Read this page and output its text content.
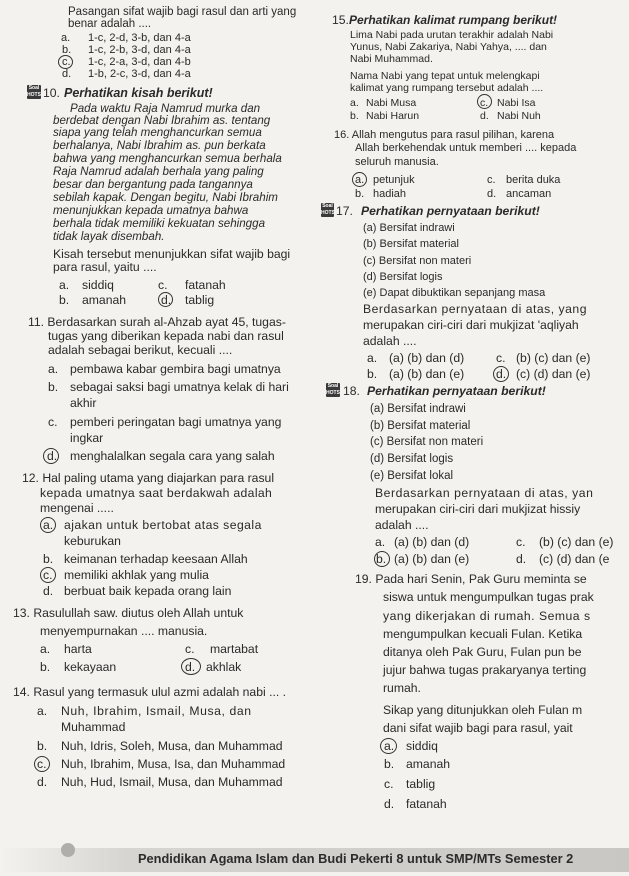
Pasangan sifat wajib bagi rasul dan arti yang
benar adalah ....
a. 1-c, 2-d, 3-b, dan 4-a
b. 1-c, 2-b, 3-d, dan 4-a
c. 1-c, 2-a, 3-d, dan 4-b
d. 1-b, 2-c, 3-d, dan 4-a
Soal HOTS 10. Perhatikan kisah berikut!
Pada waktu Raja Namrud murka dan
berdebat dengan Nabi Ibrahim as. tentang
siapa yang telah menghancurkan semua
berhalanya, Nabi Ibrahim as. pun berkata
bahwa yang menghancurkan semua berhala
Raja Namrud adalah berhala yang paling
besar dan bergantung pada tangannya
sebilah kapak. Dengan begitu, Nabi Ibrahim
menunjukkan kepada umatnya bahwa
berhala tidak memiliki kekuatan sehingga
tidak layak disembah.
Kisah tersebut menunjukkan sifat wajib bagi
para rasul, yaitu ....
a. siddiq	c. fatanah
b. amanah	d. tablig
11. Berdasarkan surah al-Ahzab ayat 45, tugas-
tugas yang diberikan kepada nabi dan rasul
adalah sebagai berikut, kecuali ....
a. pembawa kabar gembira bagi umatnya
b. sebagai saksi bagi umatnya kelak di hari
akhir
c. pemberi peringatan bagi umatnya yang
ingkar
d. menghalalkan segala cara yang salah
12. Hal paling utama yang diajarkan para rasul
kepada umatnya saat berdakwah adalah
mengenai .....
a. ajakan untuk bertobat atas segala
keburukan
b. keimanan terhadap keesaan Allah
c. memiliki akhlak yang mulia
d. berbuat baik kepada orang lain
13. Rasulullah saw. diutus oleh Allah untuk
menyempurnakan .... manusia.
a. harta	c. martabat
b. kekayaan	d. akhlak
14. Rasul yang termasuk ulul azmi adalah nabi ... .
a. Nuh, Ibrahim, Ismail, Musa, dan
Muhammad
b. Nuh, Idris, Soleh, Musa, dan Muhammad
c. Nuh, Ibrahim, Musa, Isa, dan Muhammad
d. Nuh, Hud, Ismail, Musa, dan Muhammad
15. Perhatikan kalimat rumpang berikut!
Lima Nabi pada urutan terakhir adalah Nabi
Yunus, Nabi Zakariya, Nabi Yahya, .... dan
Nabi Muhammad.
Nama Nabi yang tepat untuk melengkapi
kalimat yang rumpang tersebut adalah ....
a. Nabi Musa	c. Nabi Isa
b. Nabi Harun	d. Nabi Nuh
16. Allah mengutus para rasul pilihan, karena
Allah berkehendak untuk memberi .... kepada
seluruh manusia.
a. petunjuk	c. berita duka
b. hadiah	d. ancaman
Soal HOTS 17. Perhatikan pernyataan berikut!
(a) Bersifat indrawi
(b) Bersifat material
(c) Bersifat non materi
(d) Bersifat logis
(e) Dapat dibuktikan sepanjang masa
Berdasarkan pernyataan di atas, yang
merupakan ciri-ciri dari mukjizat 'aqliyah
adalah ....
a. (a) (b) dan (d)	c. (b) (c) dan (e)
b. (a) (b) dan (e)	d. (c) (d) dan (e)
Soal HOTS 18. Perhatikan pernyataan berikut!
(a) Bersifat indrawi
(b) Bersifat material
(c) Bersifat non materi
(d) Bersifat logis
(e) Bersifat lokal
Berdasarkan pernyataan di atas, yan
merupakan ciri-ciri dari mukjizat hissiy
adalah ....
a. (a) (b) dan (d)	c. (b) (c) dan (e)
b. (a) (b) dan (e)	d. (c) (d) dan (e
19. Pada hari Senin, Pak Guru meminta se
siswa untuk mengumpulkan tugas prak
yang dikerjakan di rumah. Semua s
mengumpulkan kecuali Fulan. Ketika
ditanya oleh Pak Guru, Fulan pun be
jujur bahwa tugas prakaryanya terting
rumah.
Sikap yang ditunjukkan oleh Fulan m
dani sifat wajib bagi para rasul, yait
a. siddiq
b. amanah
c. tablig
d. fatanah
Pendidikan Agama Islam dan Budi Pekerti 8 untuk SMP/MTs Semester 2
